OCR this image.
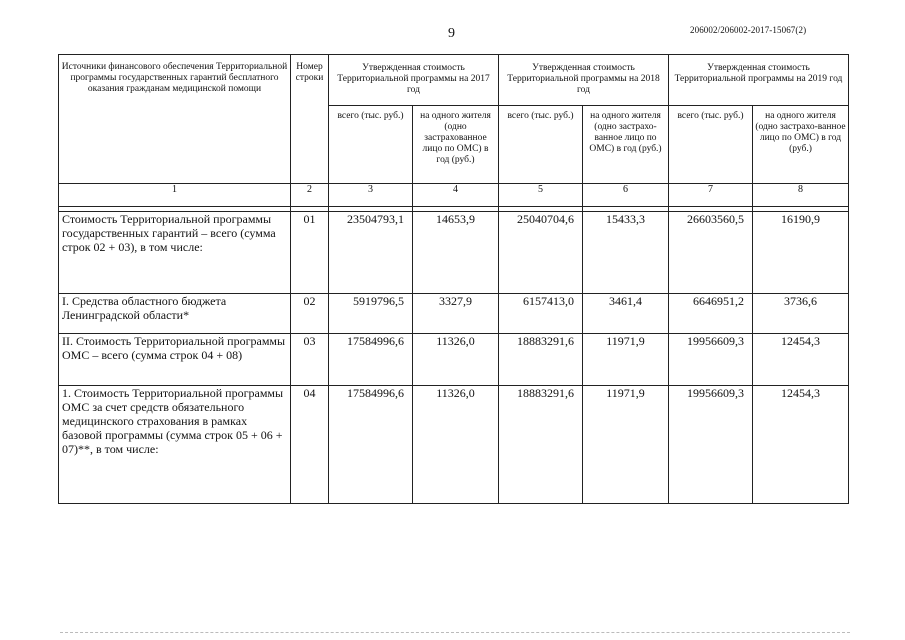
9	206002/206002-2017-15067(2)
Источники финансового обеспечения Территориальной программы государственных гарантий бесплатного оказания гражданам медицинской помощи	Номер строки	Утвержденная стоимость Территориальной программы на 2017 год		Утвержденная стоимость Территориальной программы на 2018 год		Утвержденная стоимость Территориальной программы на 2019 год	
		всего (тыс. руб.)	на одного жителя (одно застрахованное лицо по ОМС) в год (руб.)	всего (тыс. руб.)	на одного жителя (одно застрахо-ванное лицо по ОМС) в год (руб.)	всего (тыс. руб.)	на одного жителя (одно застрахо-ванное лицо по ОМС) в год (руб.)
1	2	3	4	5	6	7	8

Стоимость Территориальной программы государственных гарантий – всего (сумма строк 02 + 03), в том числе:	01	23504793,1	14653,9	25040704,6	15433,3	26603560,5	16190,9
I. Средства областного бюджета Ленинградской области*	02	5919796,5	3327,9	6157413,0	3461,4	6646951,2	3736,6
II. Стоимость Территориальной программы ОМС – всего (сумма строк 04 + 08)	03	17584996,6	11326,0	18883291,6	11971,9	19956609,3	12454,3
1. Стоимость Территориальной программы ОМС за счет средств обязательного медицинского страхования в рамках базовой программы (сумма строк 05 + 06 + 07)**, в том числе:	04	17584996,6	11326,0	18883291,6	11971,9	19956609,3	12454,3
